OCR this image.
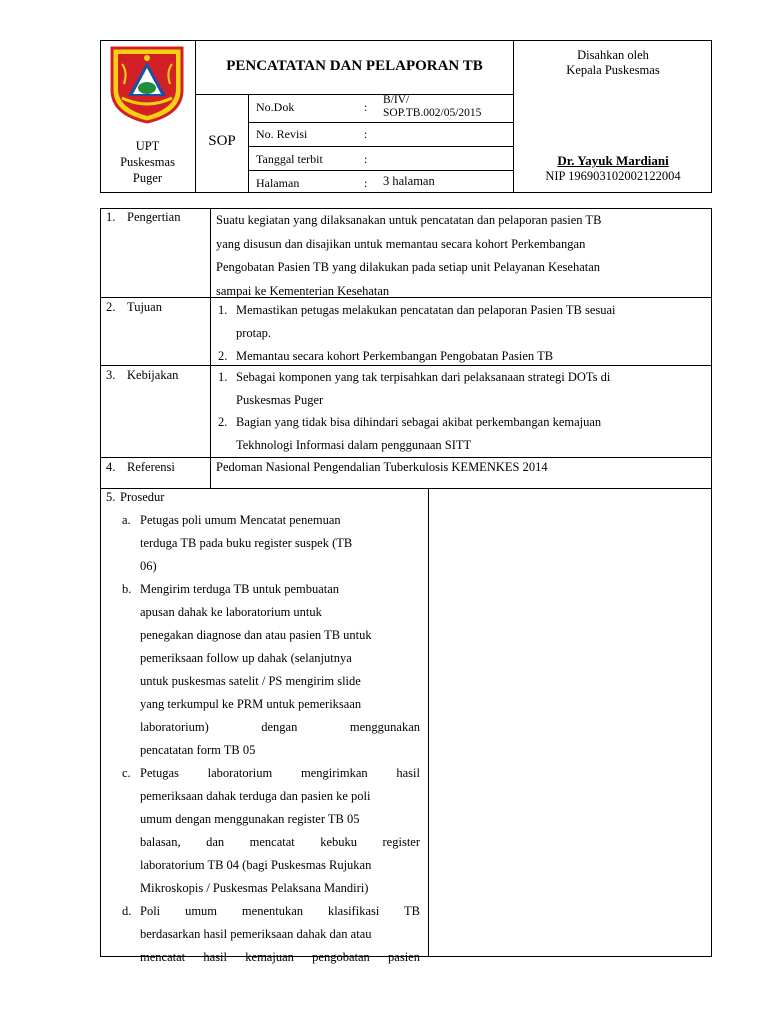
UPT
Puskesmas
Puger
PENCATATAN DAN PELAPORAN TB
SOP
No.Dok	: B/IV/
SOP.TB.002/05/2015
No. Revisi	:
Tanggal terbit	:
Halaman	: 3 halaman
Disahkan oleh
Kepala Puskesmas
Dr. Yayuk Mardiani
NIP 196903102002122004
1. Pengertian	Suatu kegiatan yang dilaksanakan untuk pencatatan dan pelaporan pasien TB
yang disusun dan disajikan untuk memantau secara kohort Perkembangan
Pengobatan Pasien TB yang dilakukan pada setiap unit Pelayanan Kesehatan
sampai ke Kementerian Kesehatan
2. Tujuan	1. Memastikan petugas melakukan pencatatan dan pelaporan Pasien TB sesuai
protap.
2. Memantau secara kohort Perkembangan Pengobatan Pasien TB
3. Kebijakan	1. Sebagai komponen yang tak terpisahkan dari pelaksanaan strategi DOTs di
Puskesmas Puger
2. Bagian yang tidak bisa dihindari sebagai akibat perkembangan kemajuan
Tekhnologi Informasi dalam penggunaan SITT
4. Referensi	Pedoman Nasional Pengendalian Tuberkulosis KEMENKES 2014
5. Prosedur
a. Petugas poli umum Mencatat penemuan
terduga TB pada buku register suspek (TB
06)
b. Mengirim terduga TB untuk pembuatan
apusan dahak ke laboratorium untuk
penegakan diagnose dan atau pasien TB untuk
pemeriksaan follow up dahak (selanjutnya
untuk puskesmas satelit / PS mengirim slide
yang terkumpul ke PRM untuk pemeriksaan
laboratorium) dengan menggunakan
pencatatan form TB 05
c. Petugas laboratorium mengirimkan hasil
pemeriksaan dahak terduga dan pasien ke poli
umum dengan menggunakan register TB 05
balasan, dan mencatat kebuku register
laboratorium TB 04 (bagi Puskesmas Rujukan
Mikroskopis / Puskesmas Pelaksana Mandiri)
d. Poli umum menentukan klasifikasi TB
berdasarkan hasil pemeriksaan dahak dan atau
mencatat hasil kemajuan pengobatan pasien
